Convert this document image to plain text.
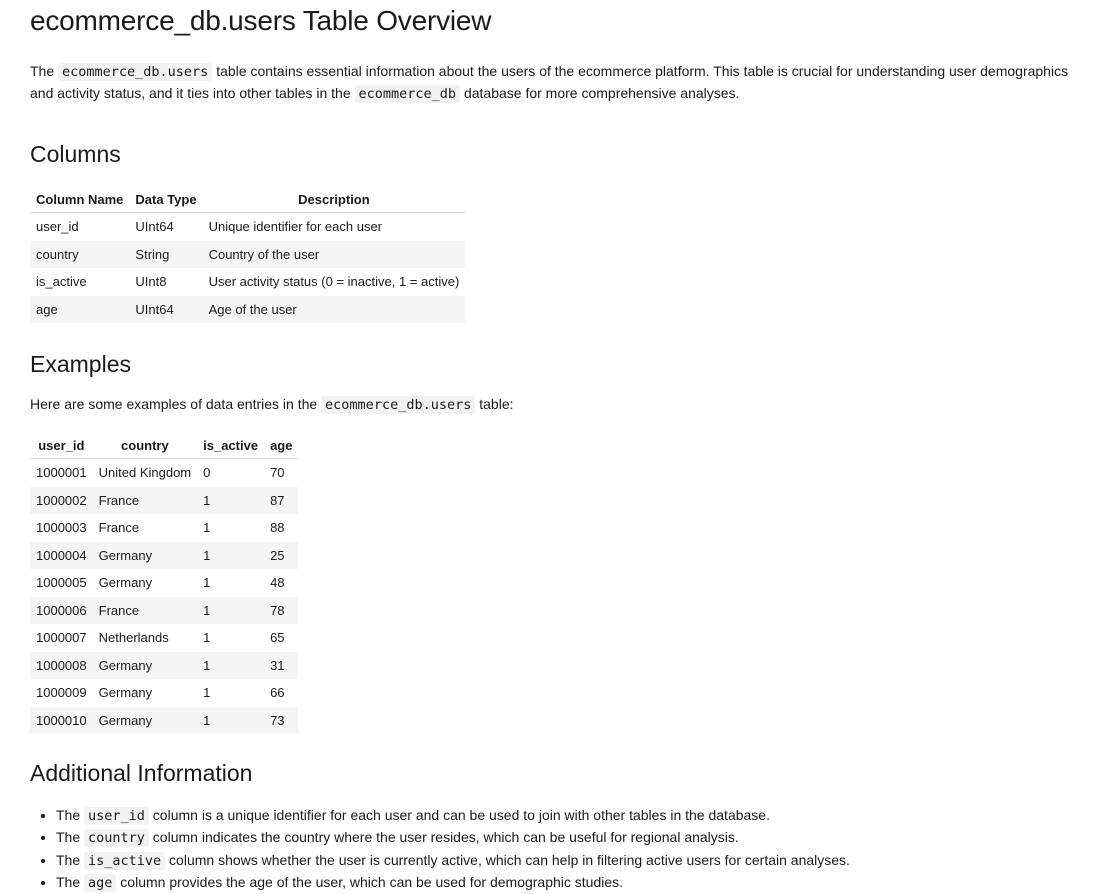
ecommerce_db.users Table Overview

The ecommerce_db.users table contains essential information about the users of the ecommerce platform. This table is crucial for understanding user demographics and activity status, and it ties into other tables in the ecommerce_db database for more comprehensive analyses.

Columns
Column Name	Data Type	Description
user_id	UInt64	Unique identifier for each user
country	String	Country of the user
is_active	UInt8	User activity status (0 = inactive, 1 = active)
age	UInt64	Age of the user
Examples

Here are some examples of data entries in the ecommerce_db.users table:

user_id	country	is_active	age
1000001	United Kingdom	0	70
1000002	France	1	87
1000003	France	1	88
1000004	Germany	1	25
1000005	Germany	1	48
1000006	France	1	78
1000007	Netherlands	1	65
1000008	Germany	1	31
1000009	Germany	1	66
1000010	Germany	1	73
Additional Information
• The user_id column is a unique identifier for each user and can be used to join with other tables in the database.
• The country column indicates the country where the user resides, which can be useful for regional analysis.
• The is_active column shows whether the user is currently active, which can help in filtering active users for certain analyses.
• The age column provides the age of the user, which can be used for demographic studies.
